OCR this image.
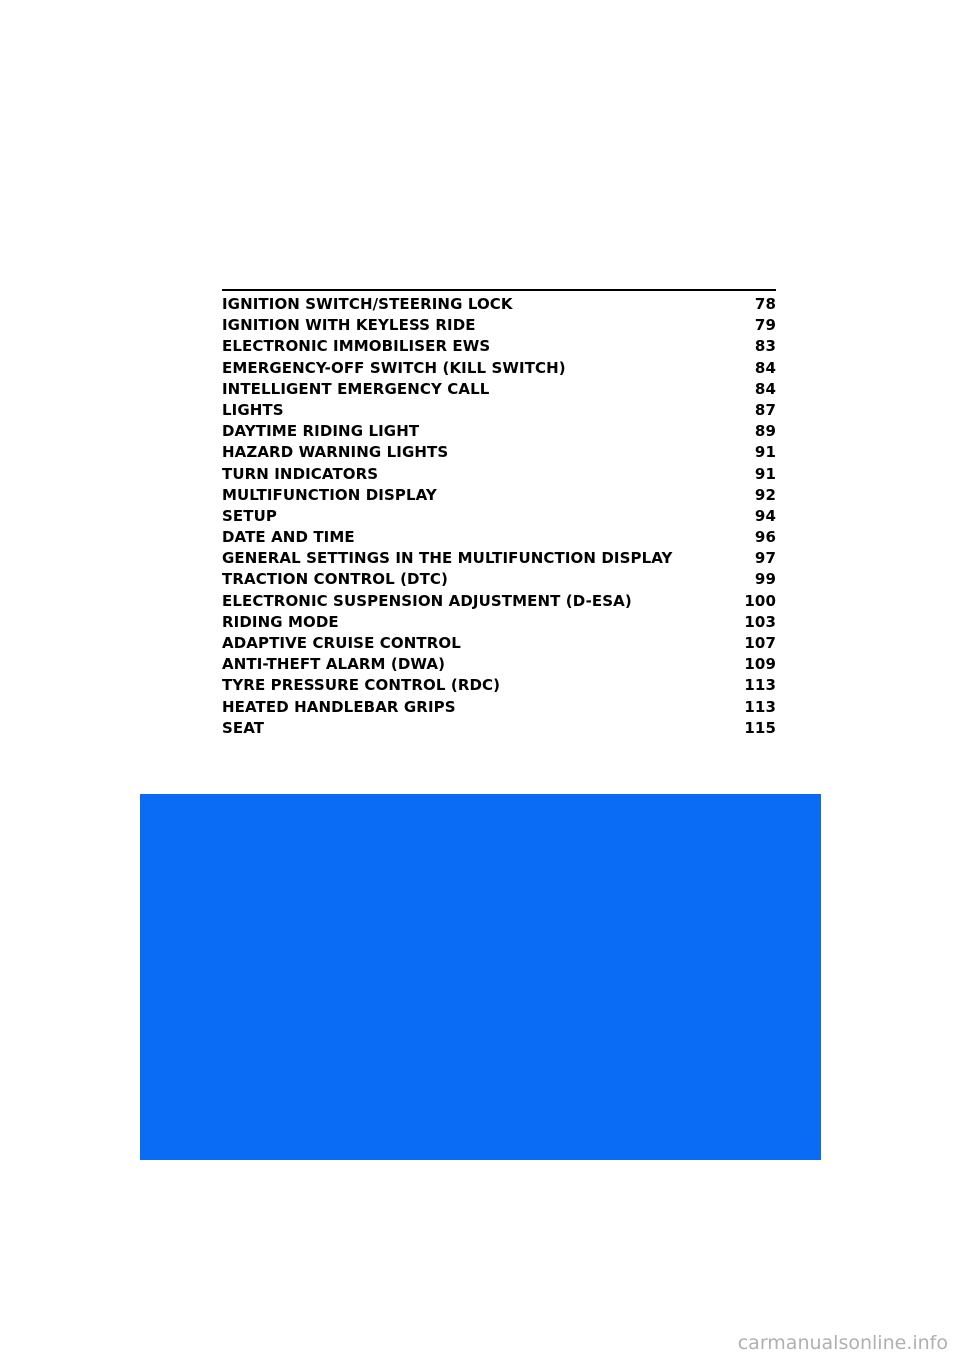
IGNITION SWITCH/STEERING LOCK	78
IGNITION WITH KEYLESS RIDE	79
ELECTRONIC IMMOBILISER EWS	83
EMERGENCY-OFF SWITCH (KILL SWITCH)	84
INTELLIGENT EMERGENCY CALL	84
LIGHTS	87
DAYTIME RIDING LIGHT	89
HAZARD WARNING LIGHTS	91
TURN INDICATORS	91
MULTIFUNCTION DISPLAY	92
SETUP	94
DATE AND TIME	96
GENERAL SETTINGS IN THE MULTIFUNCTION DISPLAY	97
TRACTION CONTROL (DTC)	99
ELECTRONIC SUSPENSION ADJUSTMENT (D-ESA)	100
RIDING MODE	103
ADAPTIVE CRUISE CONTROL	107
ANTI-THEFT ALARM (DWA)	109
TYRE PRESSURE CONTROL (RDC)	113
HEATED HANDLEBAR GRIPS	113
SEAT	115
carmanualsonline.info
